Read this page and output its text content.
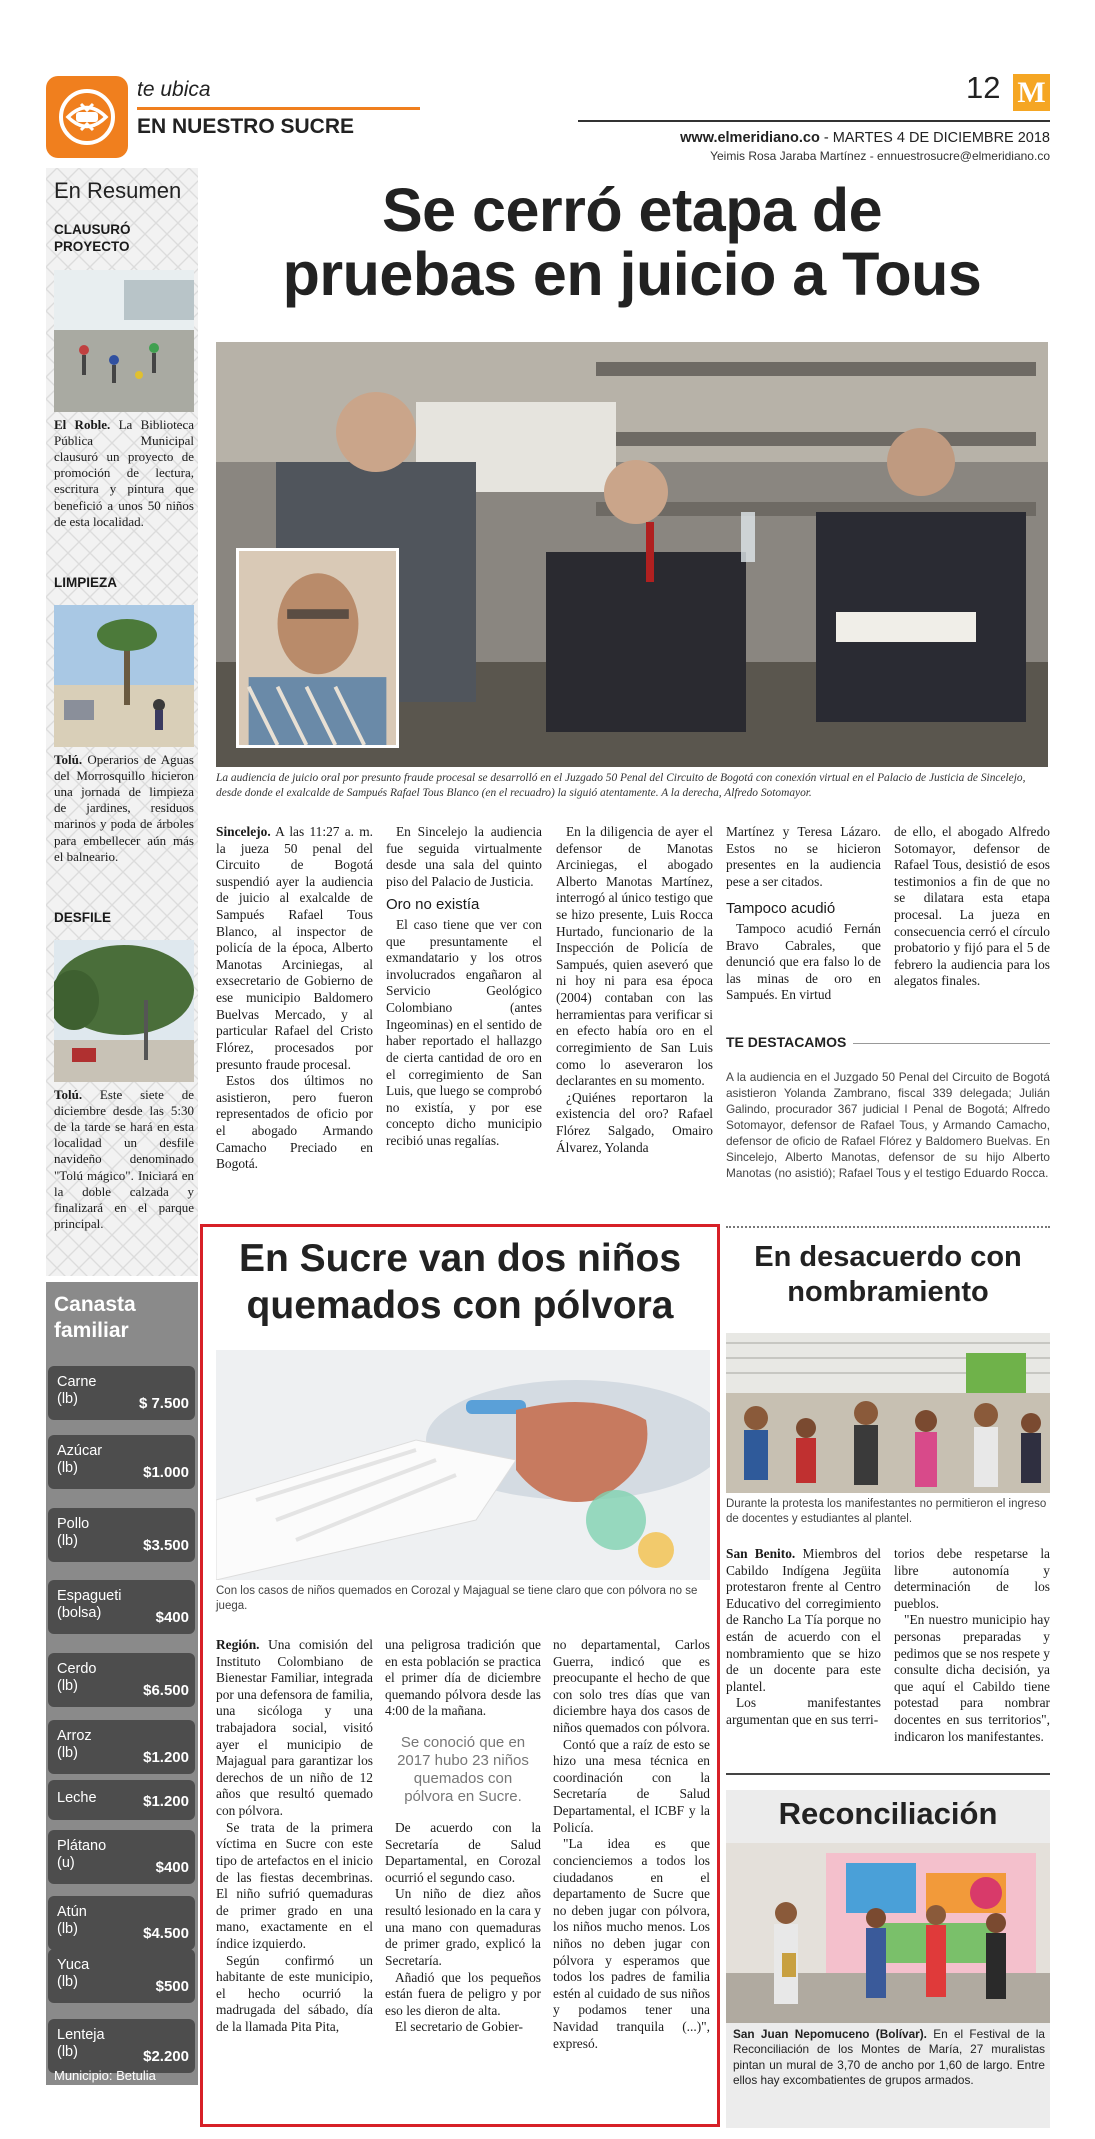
te ubica
EN NUESTRO SUCRE
12 M
www.elmeridiano.co - MARTES 4 DE DICIEMBRE 2018
Yeimis Rosa Jaraba Martínez - ennuestrosucre@elmeridiano.co
En Resumen
CLAUSURÓ
PROYECTO
El Roble. La Biblioteca Pública Municipal clausuró un proyecto de promoción de lectura, escritura y pintura que benefició a unos 50 niños de esta localidad.
LIMPIEZA
Tolú. Operarios de Aguas del Morrosquillo hicieron una jornada de limpieza de jardines, residuos marinos y poda de árboles para embellecer aún más el balneario.
DESFILE
Tolú. Este siete de diciembre desde las 5:30 de la tarde se hará en esta localidad un desfile navideño denominado "Tolú mágico". Iniciará en la doble calzada y finalizará en el parque principal.
Canasta
familiar
Carne
(lb)	$ 7.500
Azúcar
(lb)	$1.000
Pollo
(lb)	$3.500
Espagueti
(bolsa)	$400
Cerdo
(lb)	$6.500
Arroz
(lb)	$1.200
Leche	$1.200
Plátano
(u)	$400
Atún
(lb)	$4.500
Yuca
(lb)	$500
Lenteja
(lb)	$2.200
Municipio: Betulia
Se cerró etapa de
pruebas en juicio a Tous
La audiencia de juicio oral por presunto fraude procesal se desarrolló en el Juzgado 50 Penal del Circuito de Bogotá con conexión virtual en el Palacio de Justicia de Sincelejo, desde donde el exalcalde de Sampués Rafael Tous Blanco (en el recuadro) la siguió atentamente. A la derecha, Alfredo Sotomayor.

Sincelejo. A las 11:27 a. m. la jueza 50 penal del Circuito de Bogotá suspendió ayer la audiencia de juicio al exalcalde de Sampués Rafael Tous Blanco, al inspector de policía de la época, Alberto Manotas Arciniegas, al exsecretario de Gobierno de ese municipio Baldomero Buelvas Mercado, y al particular Rafael del Cristo Flórez, procesados por presunto fraude procesal.

Estos dos últimos no asistieron, pero fueron representados de oficio por el abogado Armando Camacho Preciado en Bogotá.

En Sincelejo la audiencia fue seguida virtualmente desde una sala del quinto piso del Palacio de Justicia.

Oro no existía

El caso tiene que ver con que presuntamente el exmandatario y los otros involucrados engañaron al Servicio Geológico Colombiano (antes Ingeominas) en el sentido de haber reportado el hallazgo de cierta cantidad de oro en el corregimiento de San Luis, que luego se comprobó no existía, y por ese concepto dicho municipio recibió unas regalías.

En la diligencia de ayer el defensor de Manotas Arciniegas, el abogado Alberto Manotas Martínez, interrogó al único testigo que se hizo presente, Luis Rocca Hurtado, funcionario de la Inspección de Policía de Sampués, quien aseveró que ni hoy ni para esa época (2004) contaban con las herramientas para verificar si en efecto había oro en el corregimiento de San Luis como lo aseveraron los declarantes en su momento.

¿Quiénes reportaron la existencia del oro? Rafael Flórez Salgado, Omairo Álvarez, Yolanda

Martínez y Teresa Lázaro. Estos no se hicieron presentes en la audiencia pese a ser citados.

Tampoco acudió

Tampoco acudió Fernán Bravo Cabrales, que denunció que era falso lo de las minas de oro en Sampués. En virtud

de ello, el abogado Alfredo Sotomayor, defensor de Rafael Tous, desistió de esos testimonios a fin de que no se dilatara esta etapa procesal. La jueza en consecuencia cerró el círculo probatorio y fijó para el 5 de febrero la audiencia para los alegatos finales.

TE DESTACAMOS
A la audiencia en el Juzgado 50 Penal del Circuito de Bogotá asistieron Yolanda Zambrano, fiscal 339 delegada; Julián Galindo, procurador 367 judicial I Penal de Bogotá; Alfredo Sotomayor, defensor de Rafael Tous, y Armando Camacho, defensor de oficio de Rafael Flórez y Baldomero Buelvas. En Sincelejo, Alberto Manotas, defensor de su hijo Alberto Manotas (no asistió); Rafael Tous y el testigo Eduardo Rocca.
En Sucre van dos niños
quemados con pólvora
Con los casos de niños quemados en Corozal y Majagual se tiene claro que con pólvora no se juega.

Región. Una comisión del Instituto Colombiano de Bienestar Familiar, integrada por una defensora de familia, una sicóloga y una trabajadora social, visitó ayer el municipio de Majagual para garantizar los derechos de un niño de 12 años que resultó quemado con pólvora.

Se trata de la primera víctima en Sucre con este tipo de artefactos en el inicio de las fiestas decembrinas. El niño sufrió quemaduras de primer grado en una mano, exactamente en el índice izquierdo.

Según confirmó un habitante de este municipio, el hecho ocurrió la madrugada del sábado, día de la llamada Pita Pita,

una peligrosa tradición que en esta población se practica el primer día de diciembre quemando pólvora desde las 4:00 de la mañana.

Se conoció que en 2017 hubo 23 niños quemados con pólvora en Sucre.

De acuerdo con la Secretaría de Salud Departamental, en Corozal ocurrió el segundo caso.

Un niño de diez años resultó lesionado en la cara y una mano con quemaduras de primer grado, explicó la Secretaría.

Añadió que los pequeños están fuera de peligro y por eso les dieron de alta.

El secretario de Gobier-

no departamental, Carlos Guerra, indicó que es preocupante el hecho de que con solo tres días que van diciembre haya dos casos de niños quemados con pólvora.

Contó que a raíz de esto se hizo una mesa técnica en coordinación con la Secretaría de Salud Departamental, el ICBF y la Policía.

"La idea es que concienciemos a todos los ciudadanos en el departamento de Sucre que no deben jugar con pólvora, los niños mucho menos. Los niños no deben jugar con pólvora y esperamos que todos los padres de familia estén al cuidado de sus niños y podamos tener una Navidad tranquila (...)", expresó.

En desacuerdo con
nombramiento
Durante la protesta los manifestantes no permitieron el ingreso de docentes y estudiantes al plantel.

San Benito. Miembros del Cabildo Indígena Jegüita protestaron frente al Centro Educativo del corregimiento de Rancho La Tía porque no están de acuerdo con el nombramiento que se hizo de un docente para este plantel.

Los manifestantes argumentan que en sus terri-

torios debe respetarse la libre autonomía y determinación de los pueblos.

"En nuestro municipio hay personas preparadas y pedimos que se nos respete y consulte dicha decisión, ya que aquí el Cabildo tiene potestad para nombrar docentes en sus territorios", indicaron los manifestantes.

Reconciliación
San Juan Nepomuceno (Bolívar). En el Festival de la Reconciliación de los Montes de María, 27 muralistas pintan un mural de 3,70 de ancho por 1,60 de largo. Entre ellos hay excombatientes de grupos armados.
